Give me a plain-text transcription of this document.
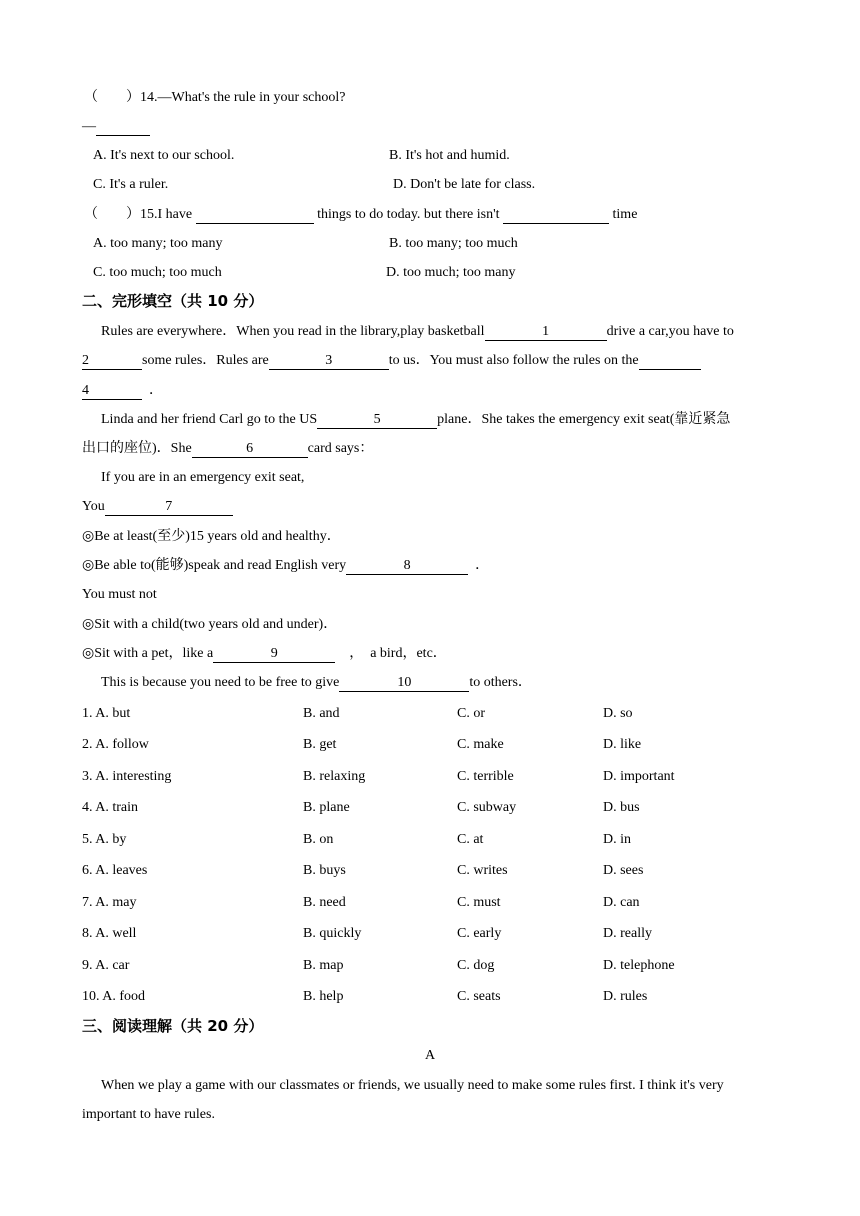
（　　）14.—What's the rule in your school?
—
A. It's next to our school.	B. It's hot and humid.
C. It's a ruler.	D. Don't be late for class.
（　　）15.I have	things to do today. but there isn't	time
A. too many; too many	B. too many; too much
C. too much; too much	D. too much; too many
二、完形填空（共 10 分）
Rules are everywhere．When you read in the library,play basketball	1	drive a car,you have to
2	some rules．Rules are	3	to us．You must also follow the rules on the
4	．
Linda and her friend Carl go to the US	5	plane．She takes the emergency exit seat(靠近紧急
出口的座位)．She	6	card says：
If you are in an emergency exit seat,
You	7
◎Be at least(至少)15 years old and healthy．
◎Be able to(能够)speak and read English very	8	．
You must not
◎Sit with a child(two years old and under)．
◎Sit with a pet，like a	9	，　a bird，etc．
This is because you need to be free to give	10	to others．
1. A. but	B. and	C. or	D. so
2. A. follow	B. get	C. make	D. like
3. A. interesting	B. relaxing	C. terrible	D. important
4. A. train	B. plane	C. subway	D. bus
5. A. by	B. on	C. at	D. in
6. A. leaves	B. buys	C. writes	D. sees
7. A. may	B. need	C. must	D. can
8. A. well	B. quickly	C. early	D. really
9. A. car	B. map	C. dog	D. telephone
10. A. food	B. help	C. seats	D. rules
三、阅读理解（共 20 分）
A
When we play a game with our classmates or friends, we usually need to make some rules first. I think it's very
important to have rules.
